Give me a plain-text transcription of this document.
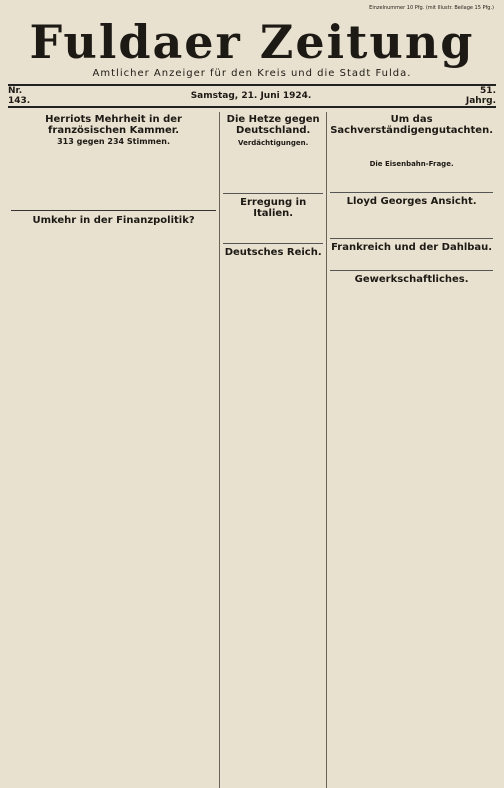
Einzelnummer 10 Pfg. (mit Illustr. Beilage 15 Pfg.)
Fuldaer Zeitung
Amtlicher Anzeiger für den Kreis und die Stadt Fulda.
Nr. 143.	Samstag, 21. Juni 1924.	51. Jahrg.
Herriots Mehrheit in der französischen Kammer.
313 gegen 234 Stimmen.

Umkehr in der Finanzpolitik?

Die Hetze gegen Deutschland.
Verdächtigungen.

Erregung in Italien.

Deutsches Reich.

Um das Sachverständigengutachten.

Die Eisenbahn-Frage.

Lloyd Georges Ansicht.

Frankreich und der Dahlbau.

Gewerkschaftliches.
